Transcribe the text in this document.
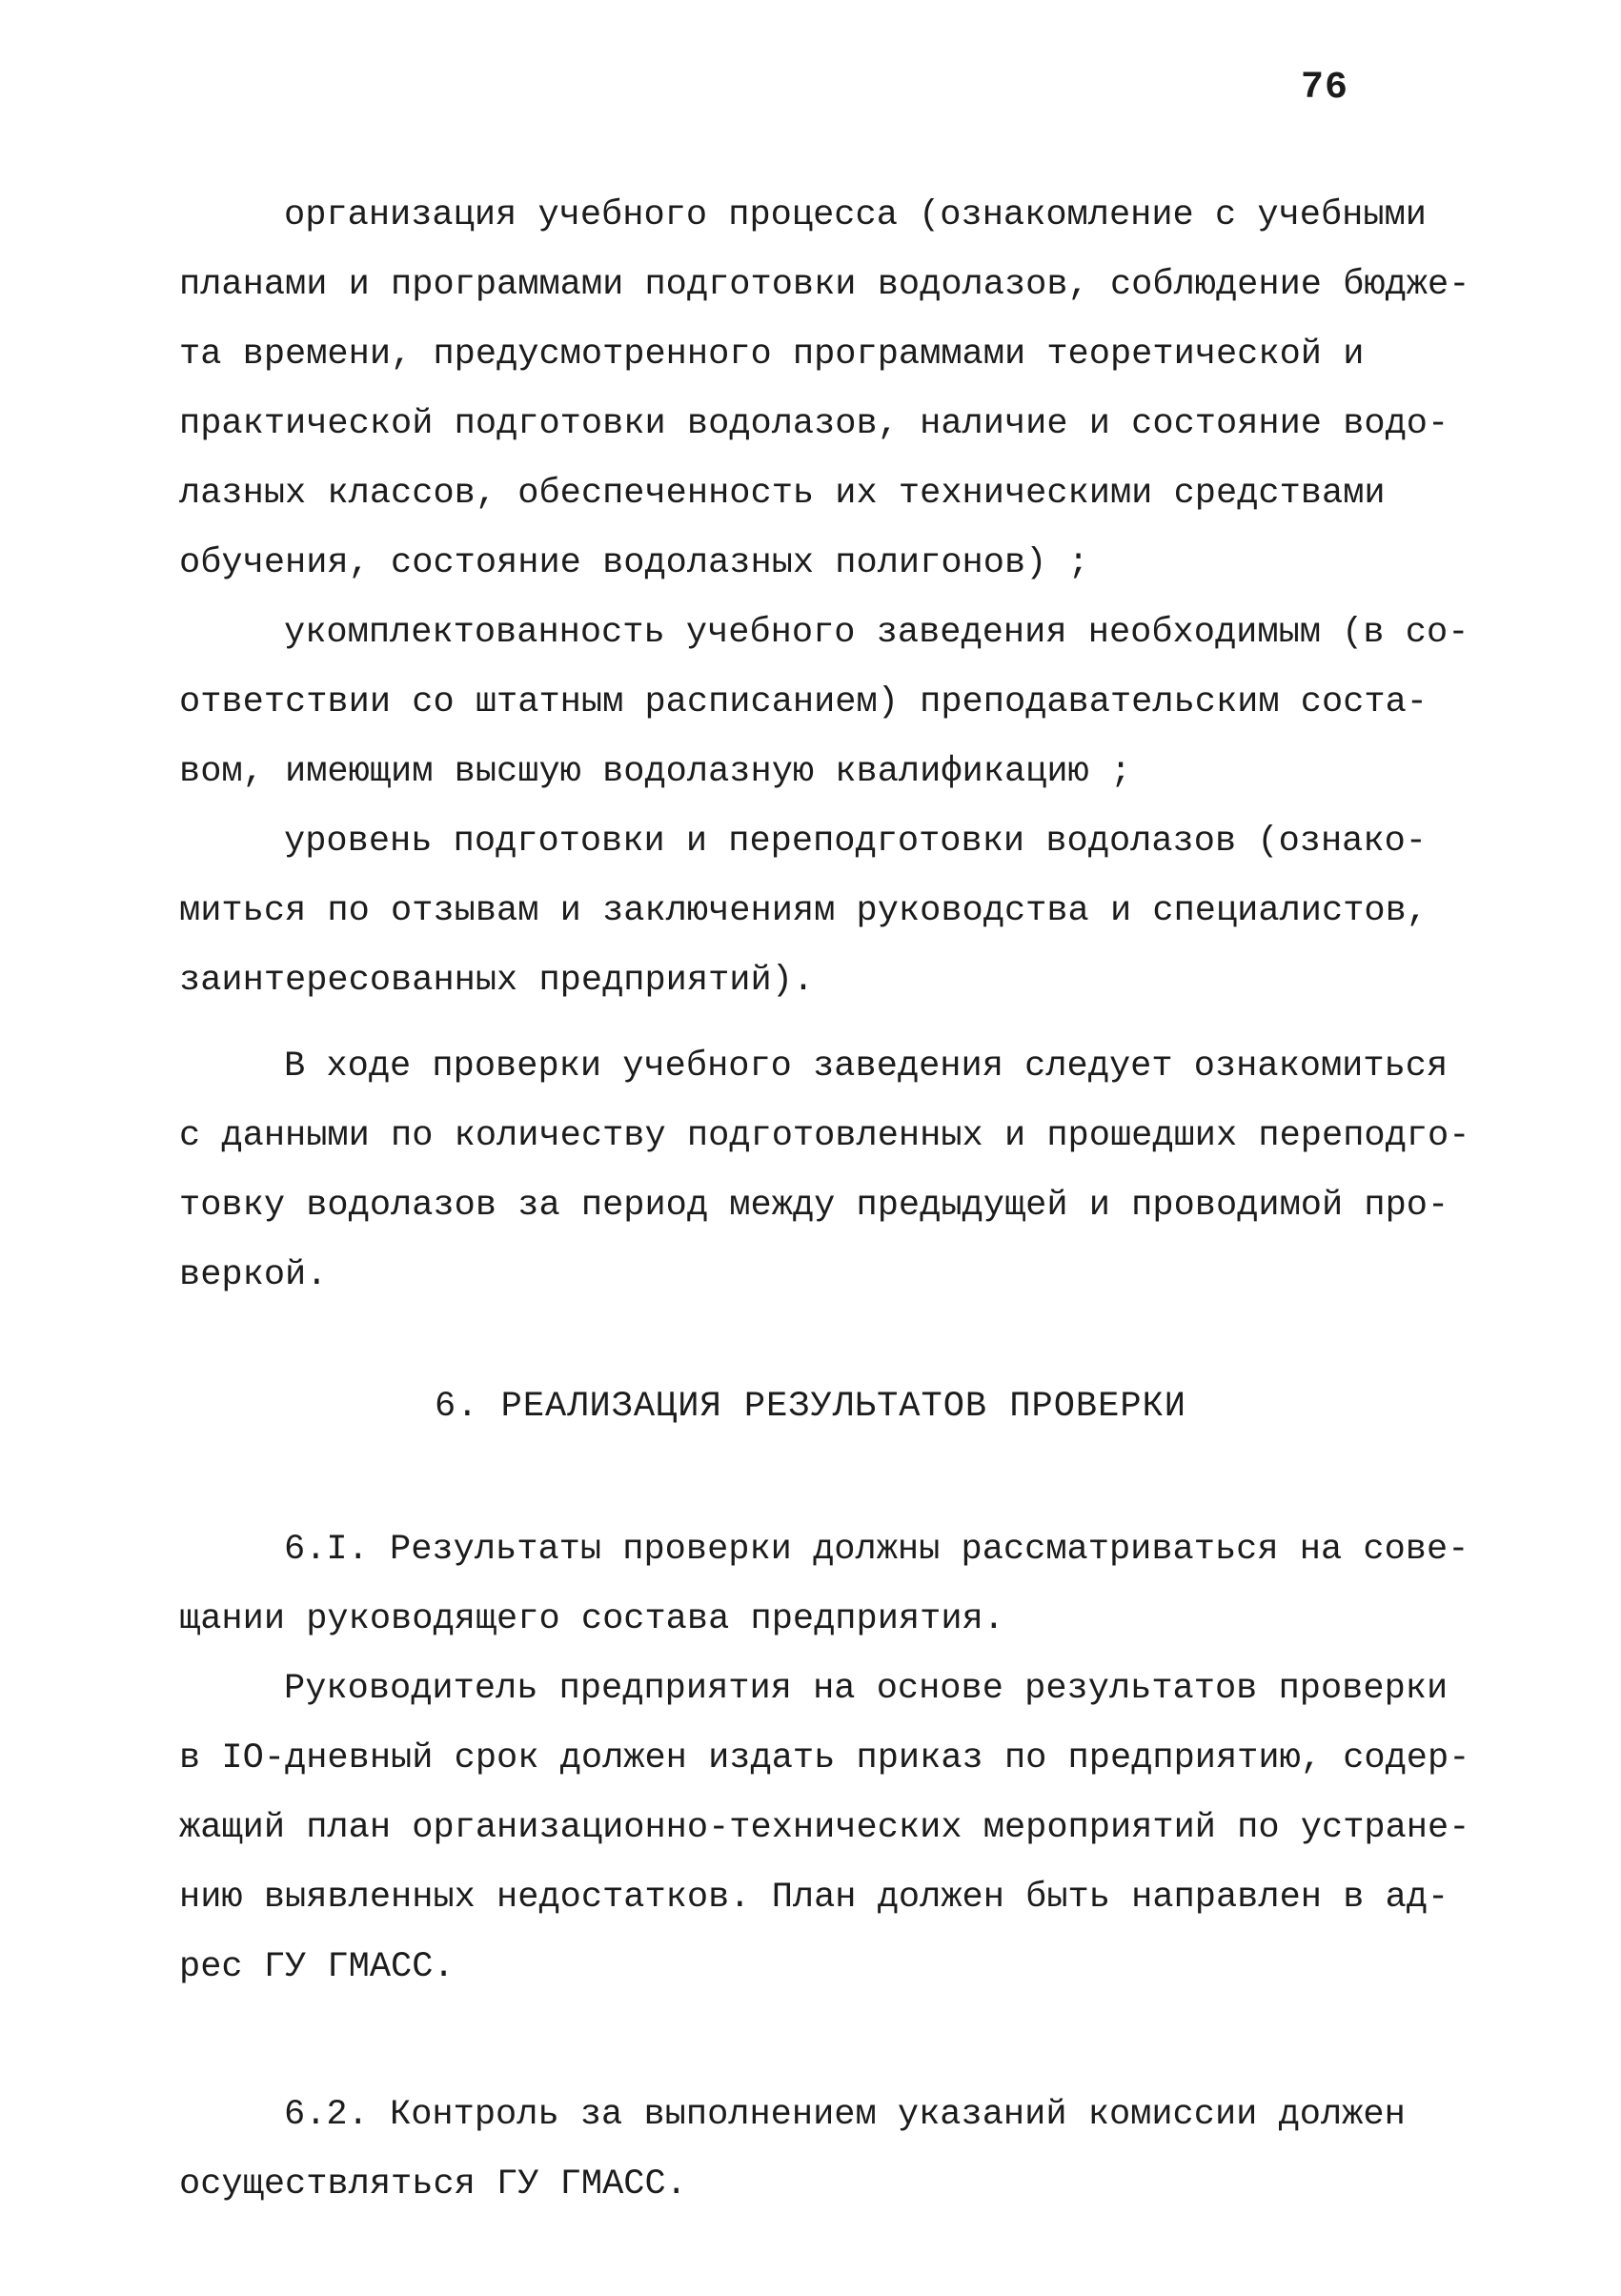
76
организация учебного процесса (ознакомление с учебными
планами и программами подготовки водолазов, соблюдение бюдже-
та времени, предусмотренного программами теоретической и
практической подготовки водолазов, наличие и состояние водо-
лазных классов, обеспеченность их техническими средствами
обучения, состояние водолазных полигонов) ;
укомплектованность учебного заведения необходимым (в со-
ответствии со штатным расписанием) преподавательским соста-
вом, имеющим высшую водолазную квалификацию ;
уровень подготовки и переподготовки водолазов (ознако-
миться по отзывам и заключениям руководства и специалистов,
заинтересованных предприятий).
В ходе проверки учебного заведения следует ознакомиться
с данными по количеству подготовленных и прошедших переподго-
товку водолазов за период между предыдущей и проводимой про-
веркой.
6. РЕАЛИЗАЦИЯ РЕЗУЛЬТАТОВ ПРОВЕРКИ
6.I. Результаты проверки должны рассматриваться на сове-
щании руководящего состава предприятия.
Руководитель предприятия на основе результатов проверки
в IO-дневный срок должен издать приказ по предприятию, содер-
жащий план организационно-технических мероприятий по устране-
нию выявленных недостатков. План должен быть направлен в ад-
рес ГУ ГМАСС.
6.2. Контроль за выполнением указаний комиссии должен
осуществляться ГУ ГМАСС.
